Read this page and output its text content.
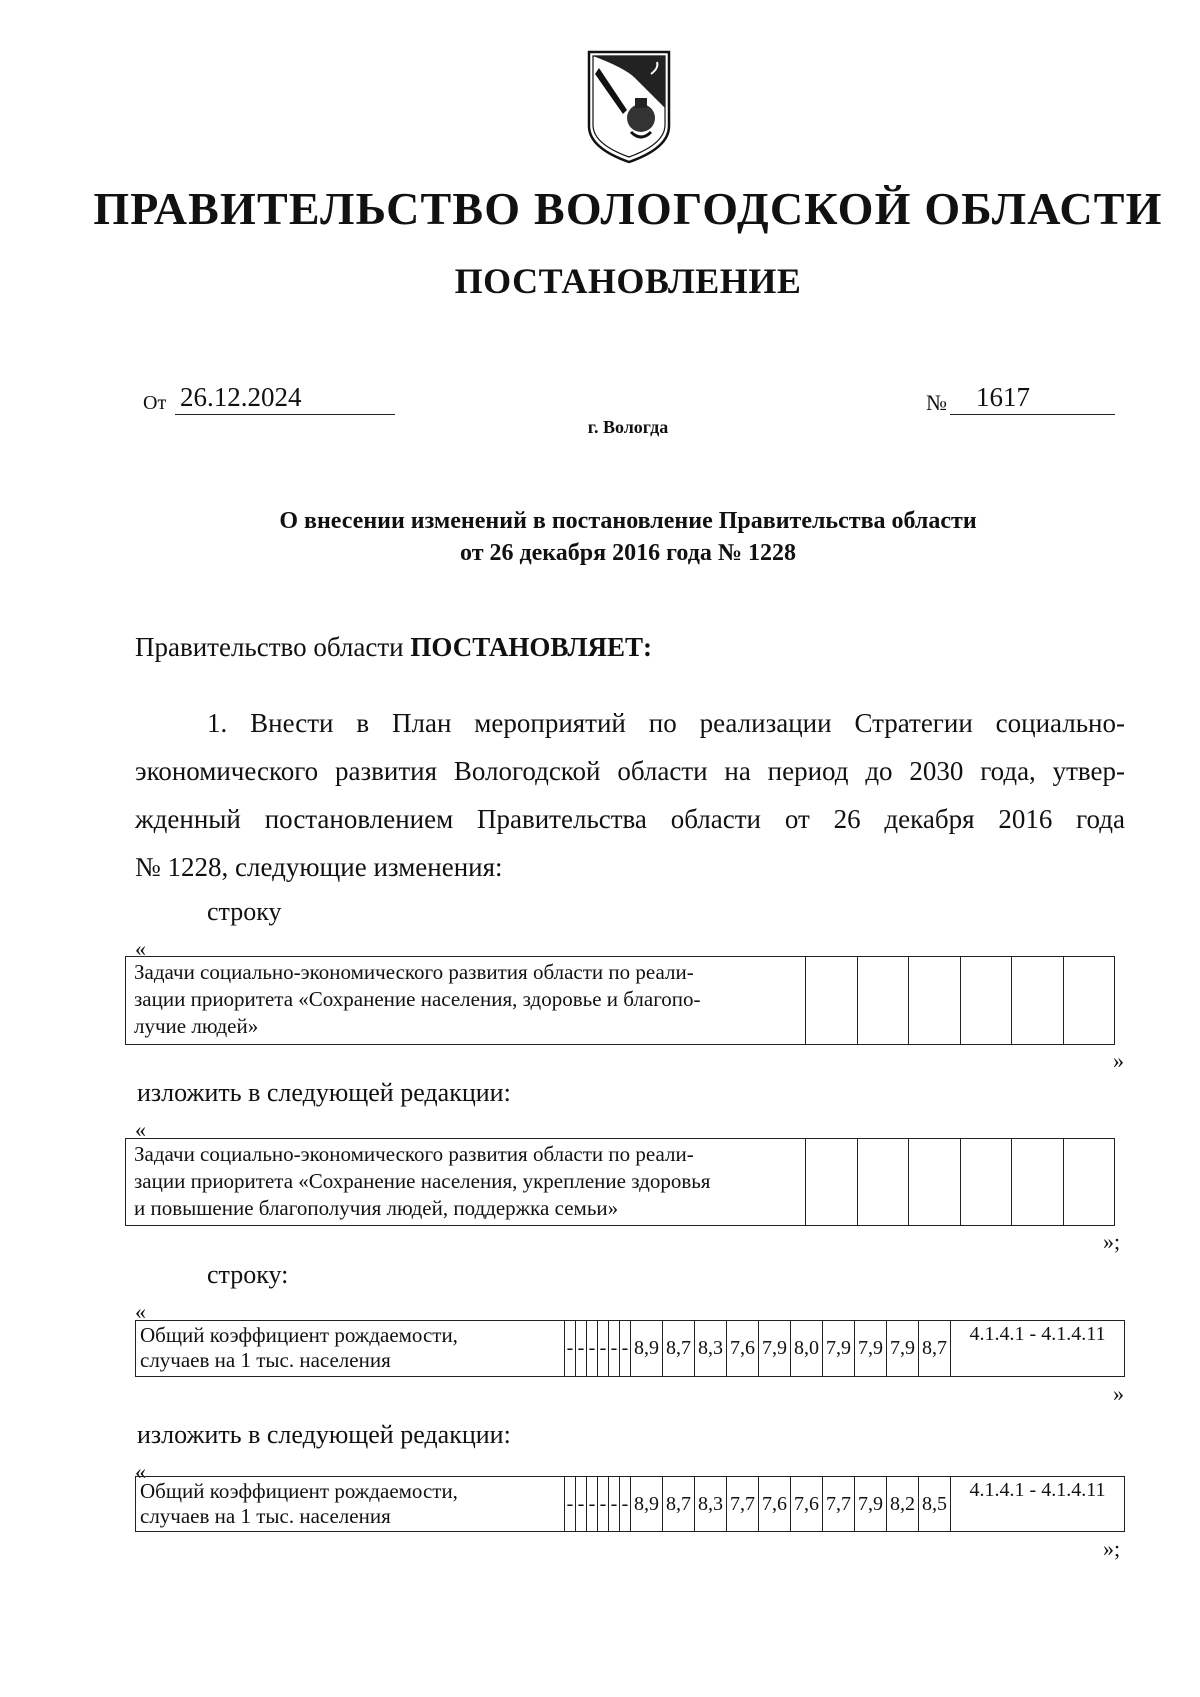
ПРАВИТЕЛЬСТВО ВОЛОГОДСКОЙ ОБЛАСТИ
ПОСТАНОВЛЕНИЕ
От 26.12.2024	№	1617
г. Вологда
О внесении изменений в постановление Правительства области
от 26 декабря 2016 года № 1228
Правительство области ПОСТАНОВЛЯЕТ:
1. Внести в План мероприятий по реализации Стратегии социально-
экономического развития Вологодской области на период до 2030 года, утвер-
жденный постановлением Правительства области от 26 декабря 2016 года
№ 1228, следующие изменения:
строку
«
Задачи социально-экономического развития области по реали-
зации приоритета «Сохранение населения, здоровье и благопо-
лучие людей»

»
изложить в следующей редакции:
«
Задачи социально-экономического развития области по реали-
зации приоритета «Сохранение населения, укрепление здоровья
и повышение благополучия людей, поддержка семьи»

»;
строку:
«
Общий коэффициент рождаемости,
случаев на 1 тыс. населения	-	-	-	-	-	-	8,9	8,7	8,3	7,6	7,9	8,0	7,9	7,9	7,9	8,7	4.1.4.1 - 4.1.4.11
»
изложить в следующей редакции:
«
Общий коэффициент рождаемости,
случаев на 1 тыс. населения
	-	-	-	-	-	-	8,9	8,7	8,3	7,7	7,6	7,6	7,7	7,9	8,2	8,5	4.1.4.1 - 4.1.4.11
»;
